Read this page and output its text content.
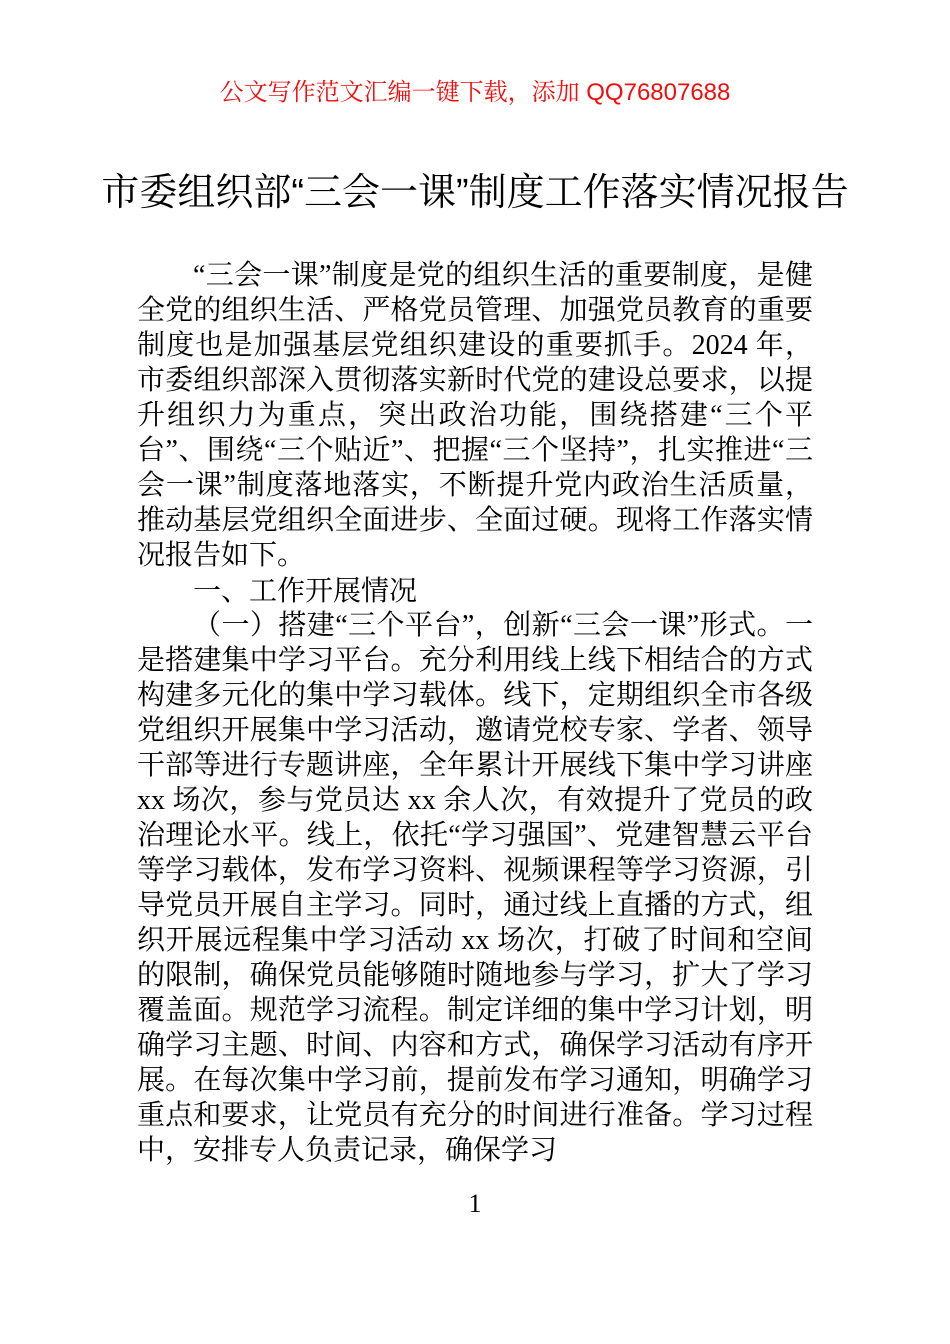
公文写作范文汇编一键下载，添加 QQ76807688
市委组织部“三会一课”制度工作落实情况报告

“三会一课”制度是党的组织生活的重要制度，是健全党的组织生活、严格党员管理、加强党员教育的重要制度也是加强基层党组织建设的重要抓手。2024 年，市委组织部深入贯彻落实新时代党的建设总要求，以提升组织力为重点，突出政治功能，围绕搭建“三个平台”、围绕“三个贴近”、把握“三个坚持”，扎实推进“三会一课”制度落地落实，不断提升党内政治生活质量，推动基层党组织全面进步、全面过硬。现将工作落实情况报告如下。

一、工作开展情况

（一）搭建“三个平台”，创新“三会一课”形式。一是搭建集中学习平台。充分利用线上线下相结合的方式构建多元化的集中学习载体。线下，定期组织全市各级党组织开展集中学习活动，邀请党校专家、学者、领导干部等进行专题讲座，全年累计开展线下集中学习讲座 xx 场次，参与党员达 xx 余人次，有效提升了党员的政治理论水平。线上，依托“学习强国”、党建智慧云平台等学习载体，发布学习资料、视频课程等学习资源，引导党员开展自主学习。同时，通过线上直播的方式，组织开展远程集中学习活动 xx 场次，打破了时间和空间的限制，确保党员能够随时随地参与学习，扩大了学习覆盖面。规范学习流程。制定详细的集中学习计划，明确学习主题、时间、内容和方式，确保学习活动有序开展。在每次集中学习前，提前发布学习通知，明确学习重点和要求，让党员有充分的时间进行准备。学习过程中，安排专人负责记录，确保学习

1
